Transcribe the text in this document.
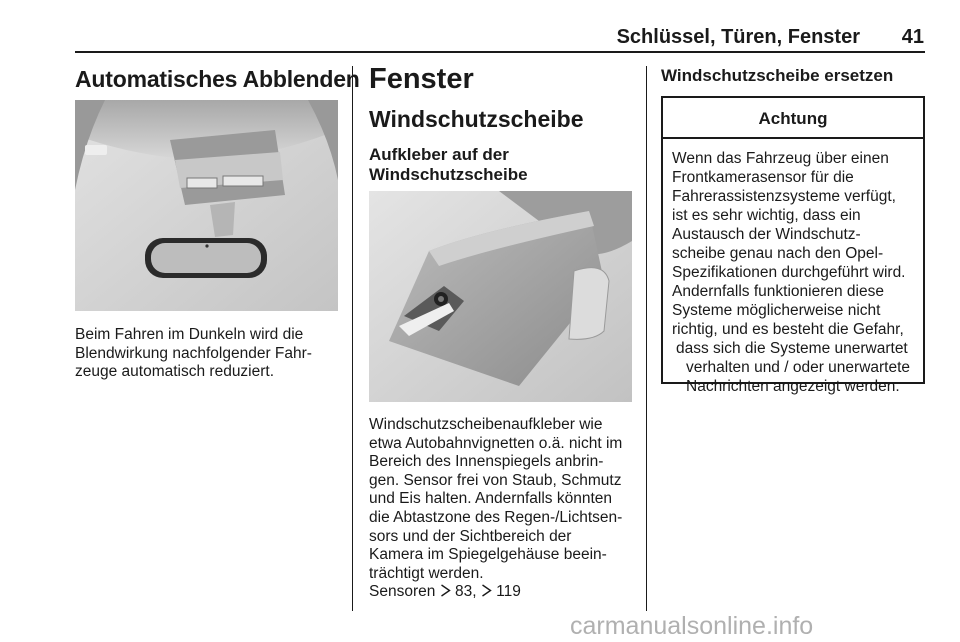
Schlüssel, Türen, Fenster	41
Automatisches Abblenden
Beim Fahren im Dunkeln wird die
Blendwirkung nachfolgender Fahr-
zeuge automatisch reduziert.
Fenster
Windschutzscheibe
Aufkleber auf der
Windschutzscheibe
Windschutzscheibenaufkleber wie
etwa Autobahnvignetten o.ä. nicht im
Bereich des Innenspiegels anbrin-
gen. Sensor frei von Staub, Schmutz
und Eis halten. Andernfalls könnten
die Abtastzone des Regen-/Lichtsen-
sors und der Sichtbereich der
Kamera im Spiegelgehäuse beein-
trächtigt werden.
Sensoren 83, 119
Windschutzscheibe ersetzen
Achtung
Wenn das Fahrzeug über einen
Frontkamerasensor für die
Fahrerassistenzsysteme verfügt,
ist es sehr wichtig, dass ein
Austausch der Windschutz-
scheibe genau nach den Opel-
Spezifikationen durchgeführt wird.
Andernfalls funktionieren diese
Systeme möglicherweise nicht
richtig, und es besteht die Gefahr,
dass sich die Systeme unerwartet
verhalten und / oder unerwartete
Nachrichten angezeigt werden.
carmanualsonline.info
